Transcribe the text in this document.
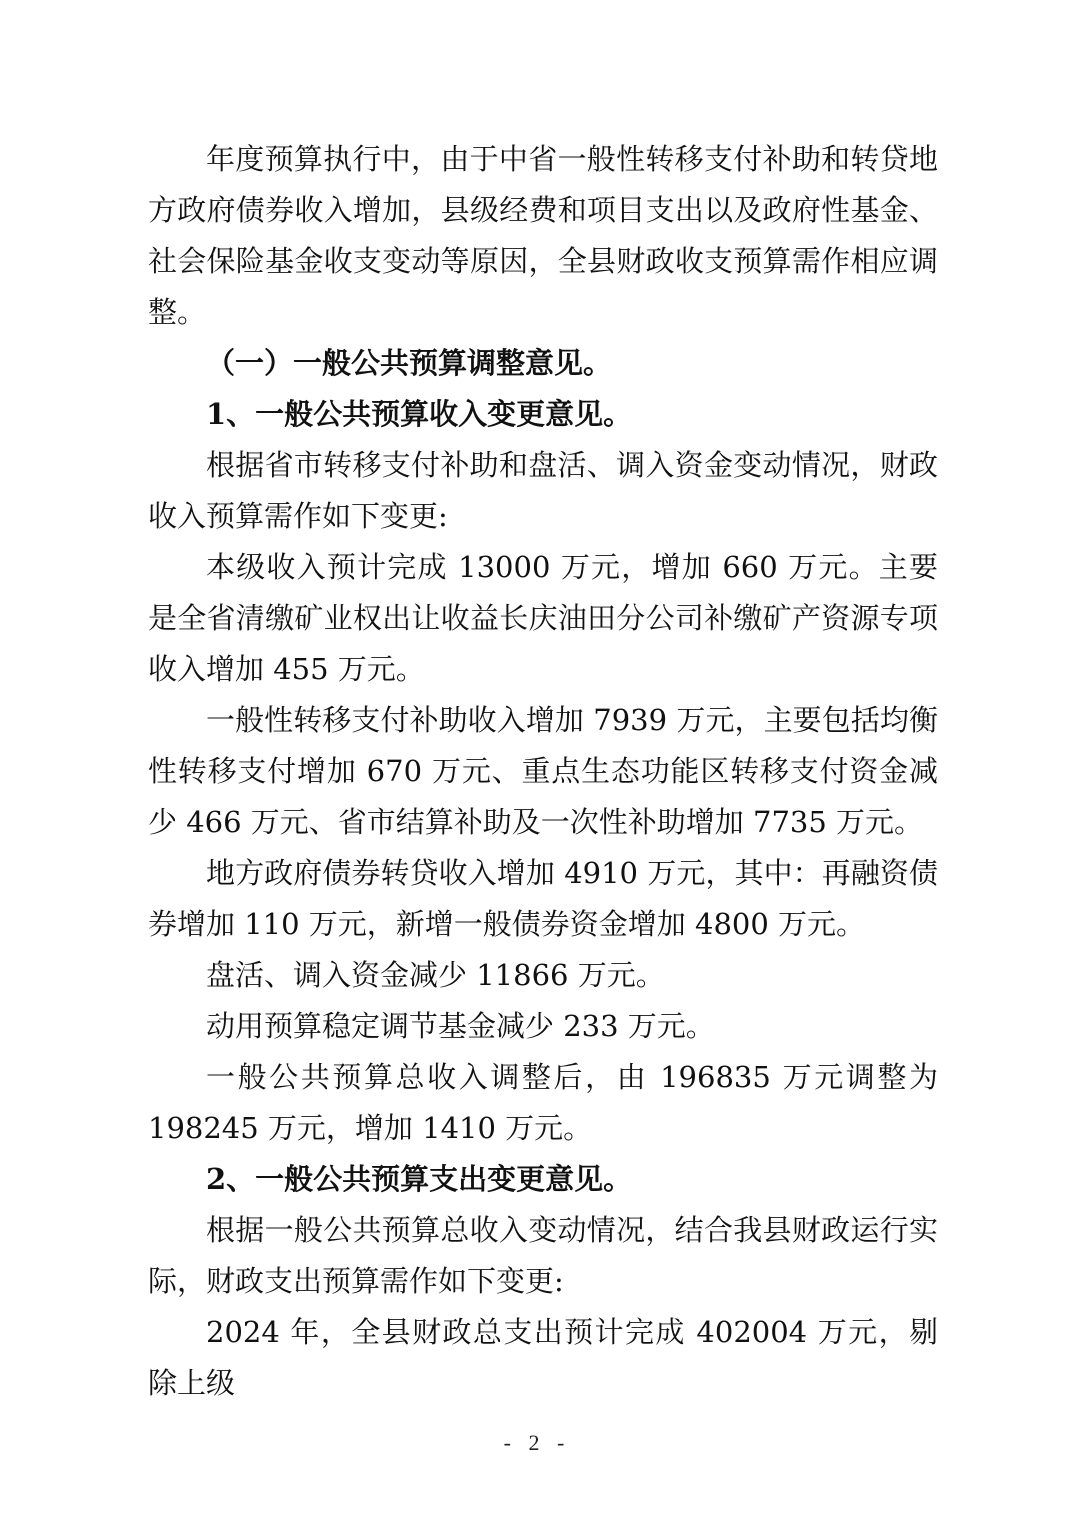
年度预算执行中，由于中省一般性转移支付补助和转贷地方政府债券收入增加，县级经费和项目支出以及政府性基金、社会保险基金收支变动等原因，全县财政收支预算需作相应调整。

（一）一般公共预算调整意见。

1、一般公共预算收入变更意见。

根据省市转移支付补助和盘活、调入资金变动情况，财政收入预算需作如下变更:

本级收入预计完成 13000 万元，增加 660 万元。主要是全省清缴矿业权出让收益长庆油田分公司补缴矿产资源专项收入增加 455 万元。

一般性转移支付补助收入增加 7939 万元，主要包括均衡性转移支付增加 670 万元、重点生态功能区转移支付资金减少 466 万元、省市结算补助及一次性补助增加 7735 万元。

地方政府债券转贷收入增加 4910 万元，其中：再融资债券增加 110 万元，新增一般债券资金增加 4800 万元。

盘活、调入资金减少 11866 万元。

动用预算稳定调节基金减少 233 万元。

一般公共预算总收入调整后，由 196835 万元调整为 198245 万元，增加 1410 万元。

2、一般公共预算支出变更意见。

根据一般公共预算总收入变动情况，结合我县财政运行实际，财政支出预算需作如下变更:

2024 年，全县财政总支出预计完成 402004 万元，剔除上级

- 2 -
